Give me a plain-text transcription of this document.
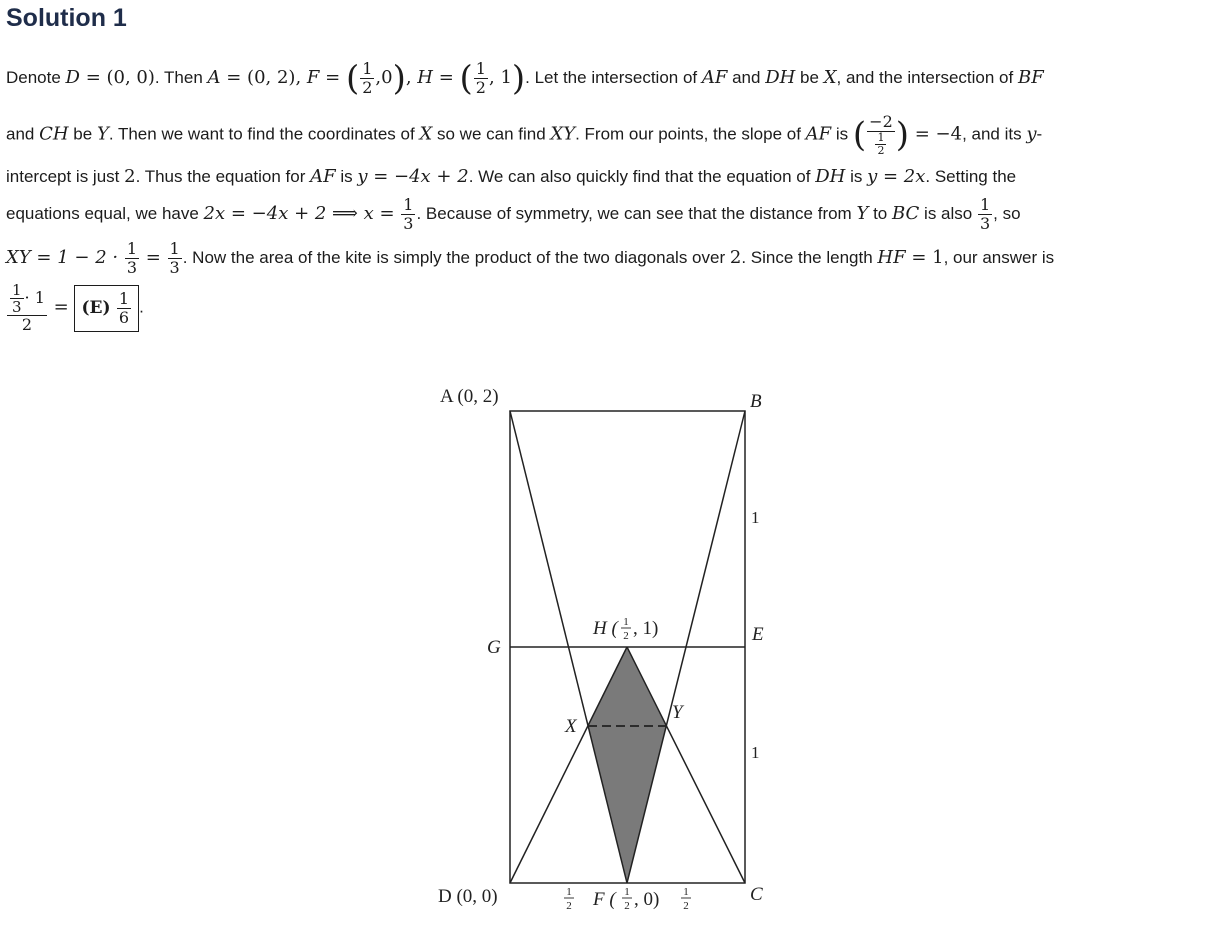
Solution 1
Denote D = (0, 0). Then A = (0, 2), F = ( $\frac{1}{2} ,0$), H = ( $\frac{1}{2}$ , 1). Let the intersection of AF and DH be X, and the intersection of BF
and CH be Y. Then we want to find the coordinates of X so we can find XY. From our points, the slope of AF is ( $\frac{-2}{\frac{1}{2}}$ ) = −4, and its y-
intercept is just 2. Thus the equation for AF is y = −4x + 2. We can also quickly find that the equation of DH is y = 2x. Setting the
equations equal, we have 2x = −4x + 2 ⟹ $x = \frac{1}{3}$ . Because of symmetry, we can see that the distance from Y to BC is also $\frac{1}{3}$ , so
XY = $1 - 2 \cdot \frac{1}{3} = \frac{1}{3}$ . Now the area of the kite is simply the product of the two diagonals over 2. Since the length HF = 1, our answer is
$\frac{\frac{1}{3} \cdot 1}{2} = (E) \frac{1}{6}$ .
A (0, 2)	B
C
D (0, 0)
E
G
X
Y
1
1
H ( 1
2 , 1)
1
2 F ( 1
2 , 0) 1
2
